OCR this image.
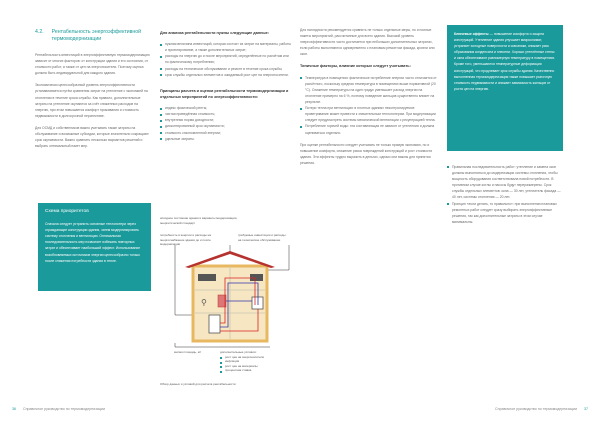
4.2. Рентабельность энергоэффективной термомодернизации

Рентабельность инвестиций в энергоэффективную термомодернизацию зависит от многих факторов: от конструкции здания и его состояния, от стоимости работ, а также от цен на энергоносители. Поэтому оценка должна быть индивидуальной для каждого здания.

Экономически целесообразный уровень энергоэффективности устанавливается путём сравнения затрат на утепление с экономией на отоплении в течение срока службы. Как правило, дополнительные затраты на утепление окупаются за счёт сниженных расходов на энергию, при этом повышается комфорт проживания и стоимость недвижимости в долгосрочной перспективе.

Для ОСМД и собственников важно учитывать также затраты на обслуживание и возможные субсидии, которые значительно сокращают срок окупаемости. Важно сравнить несколько вариантов решений и выбрать оптимальный пакет мер.

Схема приоритетов
Сначала следует устранить основные теплопотери через ограждающие конструкции здания, затем модернизировать систему отопления и вентиляции. Оптимальная последовательность мер позволяет избежать повторных затрат и обеспечивает наибольший эффект. Использование возобновляемых источников энергии целесообразно только после снижения потребности здания в тепле.
Для анализа рентабельности нужны следующие данные:
нужная величина инвестиций, которая состоит из затрат на материалы, работы и проектирование, а также дополнительных затрат;
расходы на энергию до и после мероприятий, определённые по расчётам или по фактическому потреблению;
расходы на техническое обслуживание и ремонт в течение срока службы;
срок службы отдельных элементов и ожидаемый рост цен на энергоносители.
Принципы расчета и оценки рентабельности термомодернизации и отдельных мероприятий по энергоэффективности:
индекс физической ренты;
чистая приведённая стоимость;
внутренняя норма доходности;
дисконтированный срок окупаемости;
стоимость сэкономленной энергии;
удельные затраты.
исходное состояние здания и варианты модернизации, энергетический стандарт
потребность в энергии и расходы на энергоснабжение здания до и после модернизации
требуемые инвестиции и расходы на техническое обслуживание
⚲
жилая площадь, м²	дополнительные условия:
рост цен на энергоносители
инфляция
рост цен на материалы
процентная ставка
Обзор данных и условий для расчета рентабельности

Для наглядности рекомендуется сравнить не только отдельные меры, но и полные пакеты мероприятий, рассчитанные для всего здания. Высокий уровень энергоэффективности часто достигается при небольших дополнительных затратах, если работы выполняются одновременно с плановым ремонтом фасада, кровли или окон.

Типичные факторы, влияние которых следует учитывать:
Температура в помещении: фактическое потребление энергии часто отличается от расчётного, поскольку средняя температура в помещениях выше нормативной (20 °C). Снижение температуры на один градус уменьшает расход энергии на отопление примерно на 6 %, поэтому поведение жильцов существенно влияет на результат.
Потери тепла при вентиляции: в плотных зданиях неконтролируемое проветривание может привести к значительным теплопотерям. При модернизации следует предусмотреть системы механической вентиляции с рекуперацией тепла.
Потребление горячей воды: эта составляющая не зависит от утепления и должна оцениваться отдельно.

При оценке рентабельности следует учитывать не только прямую экономию, но и повышение комфорта, снижение риска повреждений конструкций и рост стоимости здания. Эти эффекты трудно выразить в деньгах, однако они важны для принятия решения.

Ключевые эффекты — повышение комфорта и защита конструкций. Утепление здания улучшает микроклимат, устраняет холодные поверхности и сквозняки, снижает риск образования конденсата и плесени. Хорошо утеплённые стены и окна обеспечивают равномерную температуру в помещениях. Кроме того, уменьшаются температурные деформации конструкций, что продлевает срок службы здания. Качественно выполненная термомодернизация также повышает рыночную стоимость недвижимости и снижает зависимость жильцов от роста цен на энергию.
Правильная последовательность работ: утепление и замена окон должны выполняться до модернизации системы отопления, чтобы мощность оборудования соответствовала новой потребности. В противном случае котлы и насосы будут переразмерены. Срок службы отдельных элементов: окна — 30 лет, утеплитель фасада — 40 лет, системы отопления — 20 лет.
Принцип «если делать, то правильно»: при выполнении плановых ремонтных работ следует сразу выбирать энергоэффективные решения, так как дополнительные затраты в этом случае минимальны.
36 Справочное руководство по термомодернизации	Справочное руководство по термомодернизации 37
